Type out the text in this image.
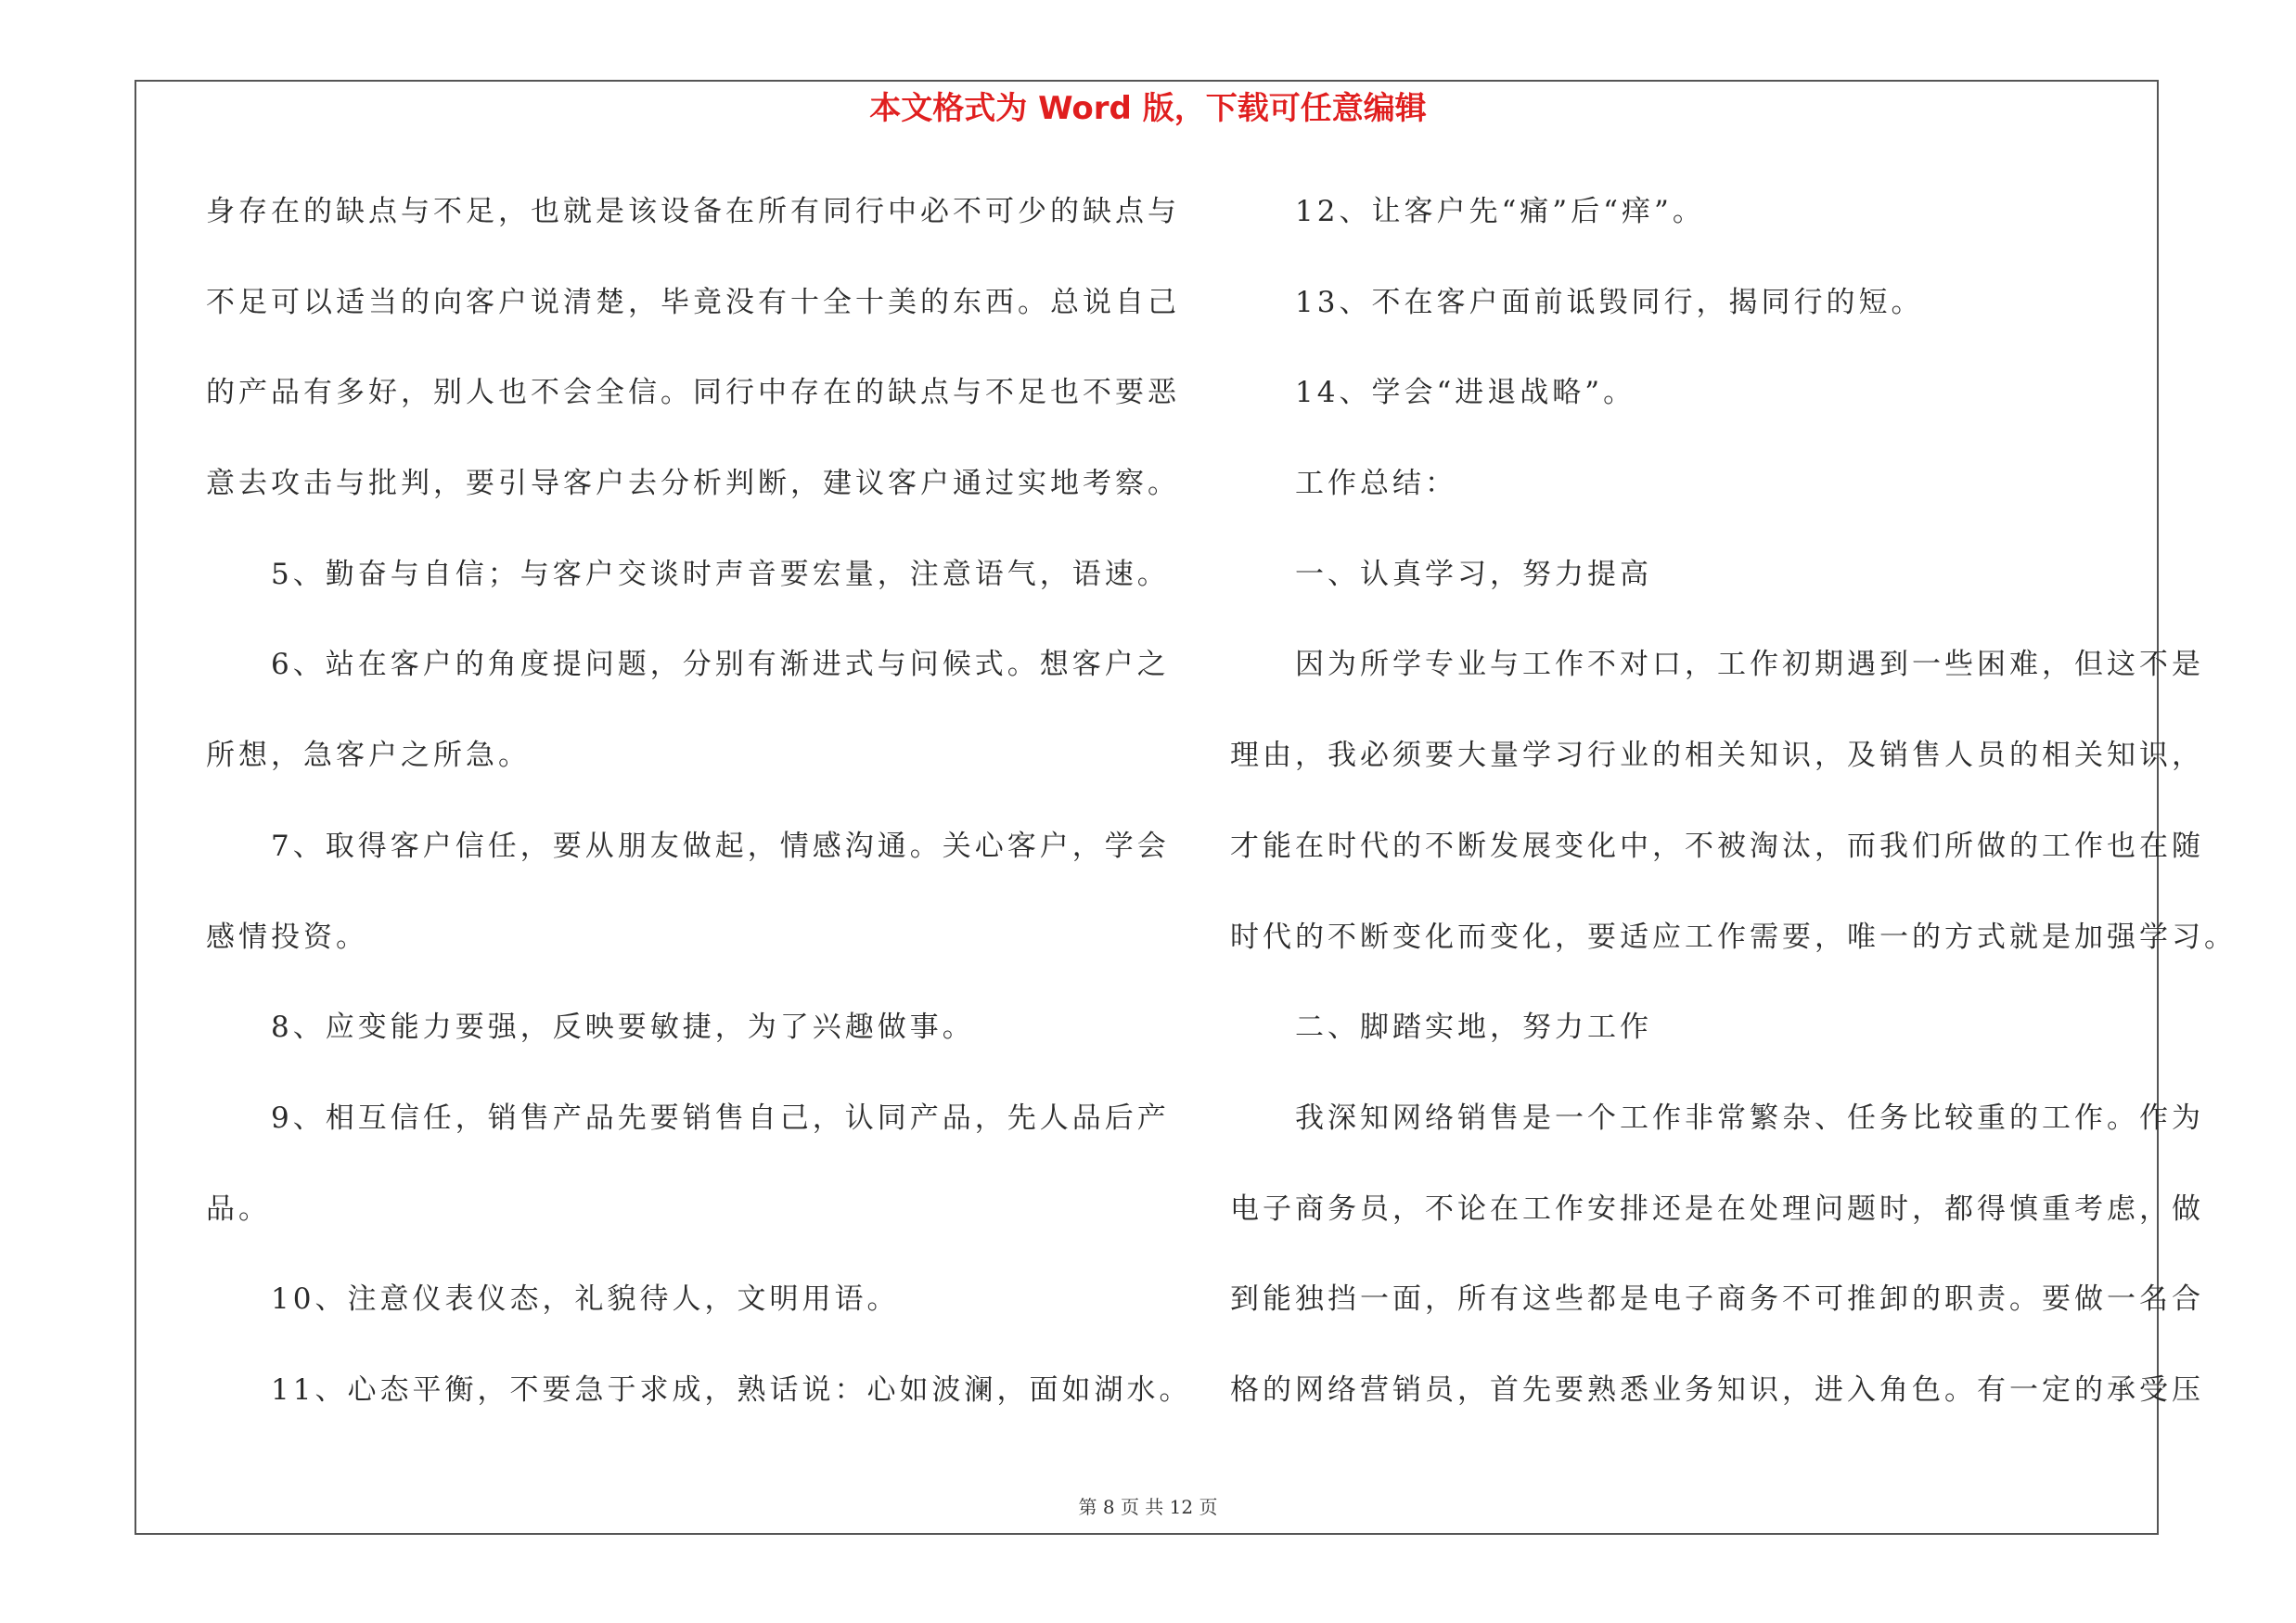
本文格式为 Word 版，下载可任意编辑
身存在的缺点与不足，也就是该设备在所有同行中必不可少的缺点与
不足可以适当的向客户说清楚，毕竟没有十全十美的东西。总说自己
的产品有多好，别人也不会全信。同行中存在的缺点与不足也不要恶
意去攻击与批判，要引导客户去分析判断，建议客户通过实地考察。
　　5、勤奋与自信；与客户交谈时声音要宏量，注意语气，语速。
　　6、站在客户的角度提问题，分别有渐进式与问候式。想客户之
所想，急客户之所急。
　　7、取得客户信任，要从朋友做起，情感沟通。关心客户，学会
感情投资。
　　8、应变能力要强，反映要敏捷，为了兴趣做事。
　　9、相互信任，销售产品先要销售自己，认同产品，先人品后产
品。
　　10、注意仪表仪态，礼貌待人，文明用语。
　　11、心态平衡，不要急于求成，熟话说：心如波澜，面如湖水。
　　12、让客户先“痛”后“痒”。
　　13、不在客户面前诋毁同行，揭同行的短。
　　14、学会“进退战略”。
　　工作总结：
　　一、认真学习，努力提高
　　因为所学专业与工作不对口，工作初期遇到一些困难，但这不是
理由，我必须要大量学习行业的相关知识，及销售人员的相关知识，
才能在时代的不断发展变化中，不被淘汰，而我们所做的工作也在随
时代的不断变化而变化，要适应工作需要，唯一的方式就是加强学习。
　　二、脚踏实地，努力工作
　　我深知网络销售是一个工作非常繁杂、任务比较重的工作。作为
电子商务员，不论在工作安排还是在处理问题时，都得慎重考虑，做
到能独挡一面，所有这些都是电子商务不可推卸的职责。要做一名合
格的网络营销员，首先要熟悉业务知识，进入角色。有一定的承受压
第 8 页 共 12 页
